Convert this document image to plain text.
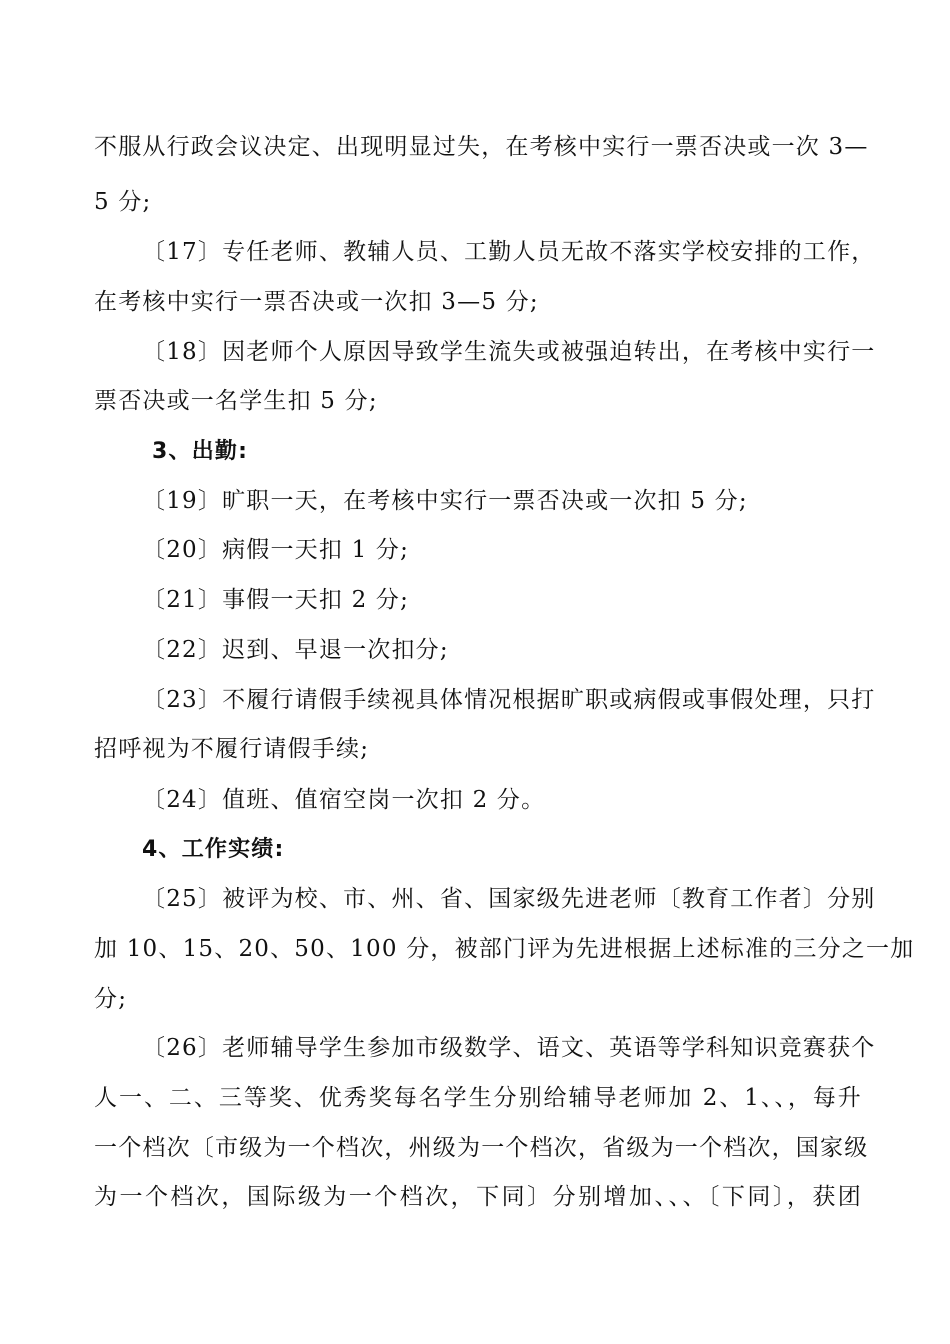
不服从行政会议决定、出现明显过失，在考核中实行一票否决或一次 3—
5 分;
〔17〕专任老师、教辅人员、工勤人员无故不落实学校安排的工作，
在考核中实行一票否决或一次扣 3—5 分;
〔18〕因老师个人原因导致学生流失或被强迫转出，在考核中实行一
票否决或一名学生扣 5 分;
3、出勤:
〔19〕旷职一天，在考核中实行一票否决或一次扣 5 分;
〔20〕病假一天扣 1 分;
〔21〕事假一天扣 2 分;
〔22〕迟到、早退一次扣分;
〔23〕不履行请假手续视具体情况根据旷职或病假或事假处理，只打
招呼视为不履行请假手续;
〔24〕值班、值宿空岗一次扣 2 分。
4、工作实绩:
〔25〕被评为校、市、州、省、国家级先进老师〔教育工作者〕分别
加 10、15、20、50、100 分，被部门评为先进根据上述标准的三分之一加
分;
〔26〕老师辅导学生参加市级数学、语文、英语等学科知识竞赛获个
人一、二、三等奖、优秀奖每名学生分别给辅导老师加 2、1、、，每升
一个档次〔市级为一个档次，州级为一个档次，省级为一个档次，国家级
为一个档次，国际级为一个档次，下同〕分别增加、、、〔下同〕，获团
